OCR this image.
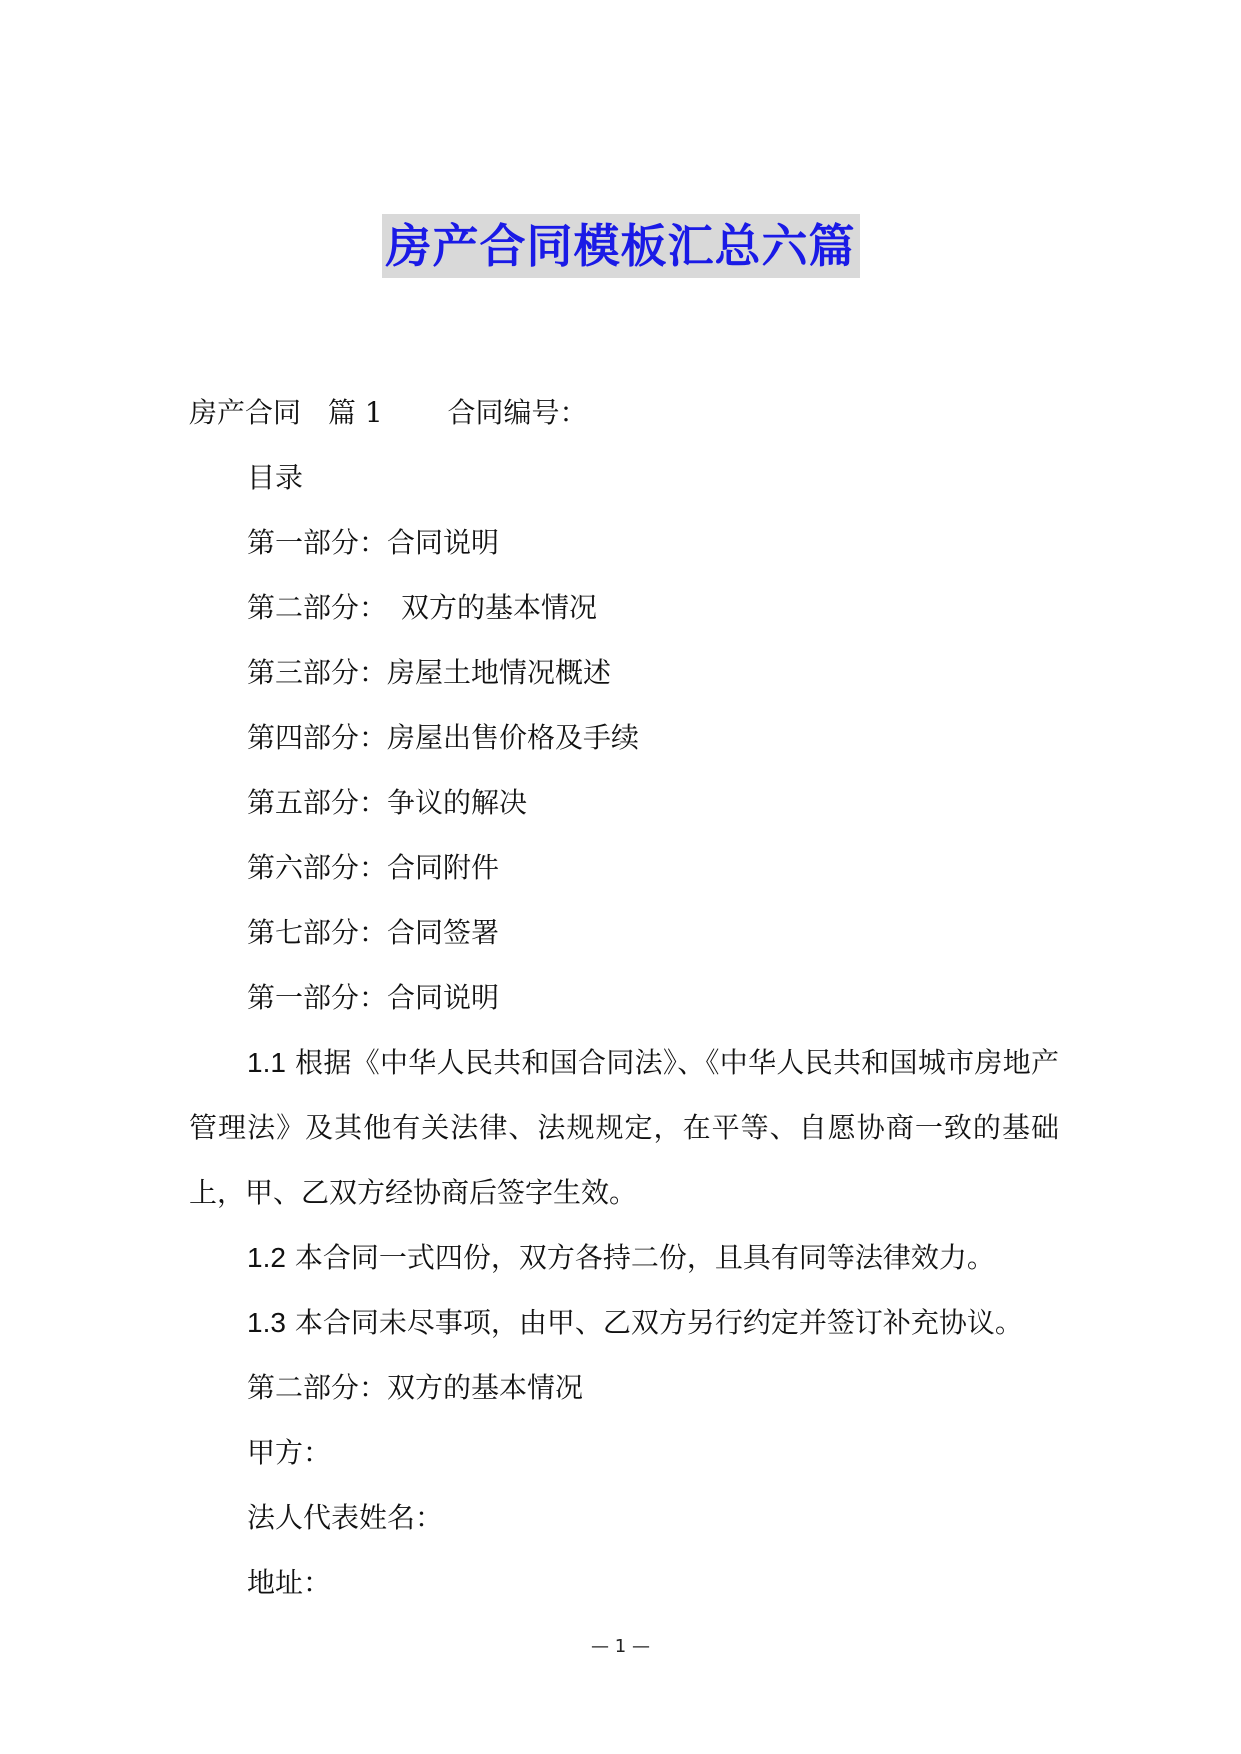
房产合同模板汇总六篇
房产合同 篇 1 合同编号：
目录
第一部分：合同说明
第二部分：　双方的基本情况
第三部分：房屋土地情况概述
第四部分：房屋出售价格及手续
第五部分：争议的解决
第六部分：合同附件
第七部分：合同签署
第一部分：合同说明
1.1 根据《中华人民共和国合同法》、《中华人民共和国城市房地产管理法》及其他有关法律、法规规定，在平等、自愿协商一致的基础上，甲、乙双方经协商后签字生效。
1.2 本合同一式四份，双方各持二份，且具有同等法律效力。
1.3 本合同未尽事项，由甲、乙双方另行约定并签订补充协议。
第二部分：双方的基本情况
甲方：
法人代表姓名：
地址：
— 1 —
